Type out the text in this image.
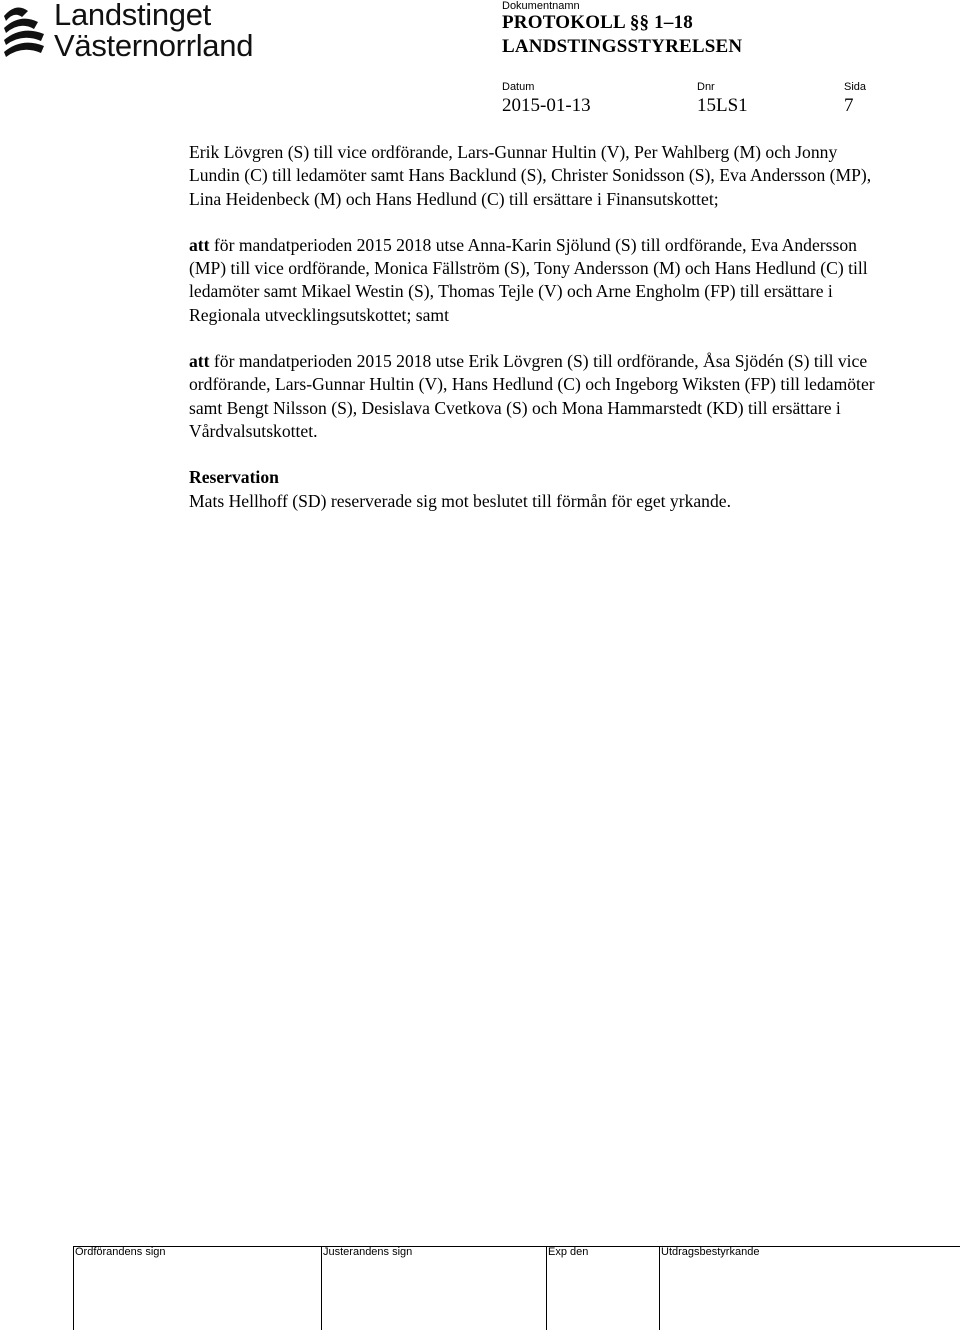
Landstinget
Västernorrland
Dokumentnamn
PROTOKOLL §§ 1–18
LANDSTINGSSTYRELSEN
Datum	Dnr	Sida
2015-01-13	15LS1	7

Erik Lövgren (S) till vice ordförande, Lars-Gunnar Hultin (V), Per Wahlberg (M) och Jonny Lundin (C) till ledamöter samt Hans Backlund (S), Christer Sonidsson (S), Eva Andersson (MP), Lina Heidenbeck (M) och Hans Hedlund (C) till ersättare i Finansutskottet;

att för mandatperioden 2015 2018 utse Anna-Karin Sjölund (S) till ordförande, Eva Andersson (MP) till vice ordförande, Monica Fällström (S), Tony Andersson (M) och Hans Hedlund (C) till ledamöter samt Mikael Westin (S), Thomas Tejle (V) och Arne Engholm (FP) till ersättare i Regionala utvecklingsutskottet; samt

att för mandatperioden 2015 2018 utse Erik Lövgren (S) till ordförande, Åsa Sjödén (S) till vice ordförande, Lars-Gunnar Hultin (V), Hans Hedlund (C) och Ingeborg Wiksten (FP) till ledamöter samt Bengt Nilsson (S), Desislava Cvetkova (S) och Mona Hammarstedt (KD) till ersättare i Vårdvalsutskottet.

Reservation

Mats Hellhoff (SD) reserverade sig mot beslutet till förmån för eget yrkande.

Ordförandens sign	Justerandens sign	Exp den	Utdragsbestyrkande
